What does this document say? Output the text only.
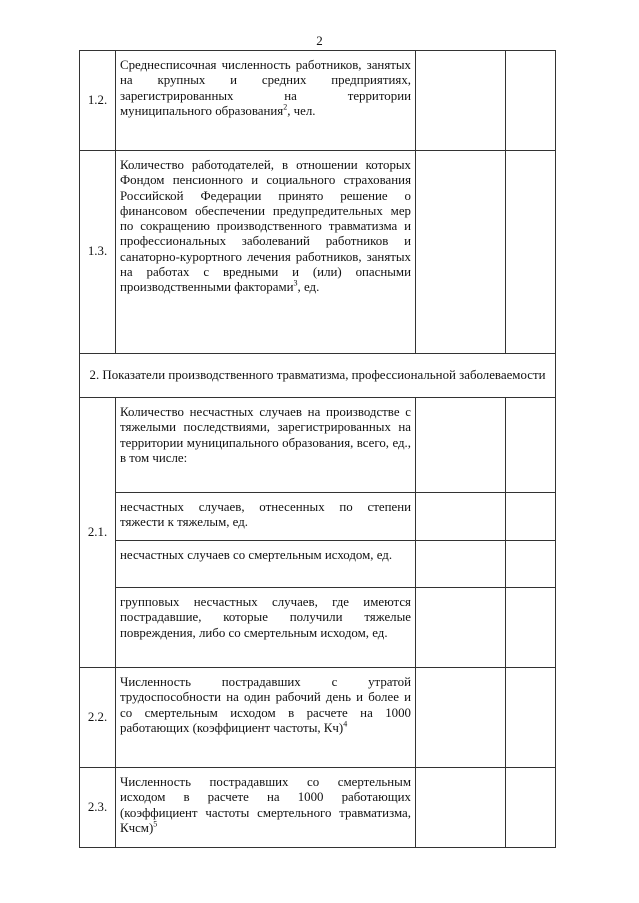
2
1.2.	Среднесписочная численность работников, занятых на крупных и средних предприятиях, зарегистрированных на территории муниципального образования$^2$, чел.		
1.3.	Количество работодателей, в отношении которых Фондом пенсионного и социального страхования Российской Федерации принято решение о финансовом обеспечении предупредительных мер по сокращению производственного травматизма и профессиональных заболеваний работников и санаторно-курортного лечения работников, занятых на работах с вредными и (или) опасными производственными факторами$^3$, ед.		
2. Показатели производственного травматизма, профессиональной заболеваемости			
2.1.	Количество несчастных случаев на производстве с тяжелыми последствиями, зарегистрированных на территории муниципального образования, всего, ед., в том числе:		
	несчастных случаев, отнесенных по степени тяжести к тяжелым, ед.		
	несчастных случаев со смертельным исходом, ед.		
	групповых несчастных случаев, где имеются пострадавшие, которые получили тяжелые повреждения, либо со смертельным исходом, ед.		
2.2.	Численность пострадавших с утратой трудоспособности на один рабочий день и более и со смертельным исходом в расчете на 1000 работающих (коэффициент частоты, Кч)$^4$		
2.3.	Численность пострадавших со смертельным исходом в расчете на 1000 работающих (коэффициент частоты смертельного травматизма, Кчсм)$^5$		
